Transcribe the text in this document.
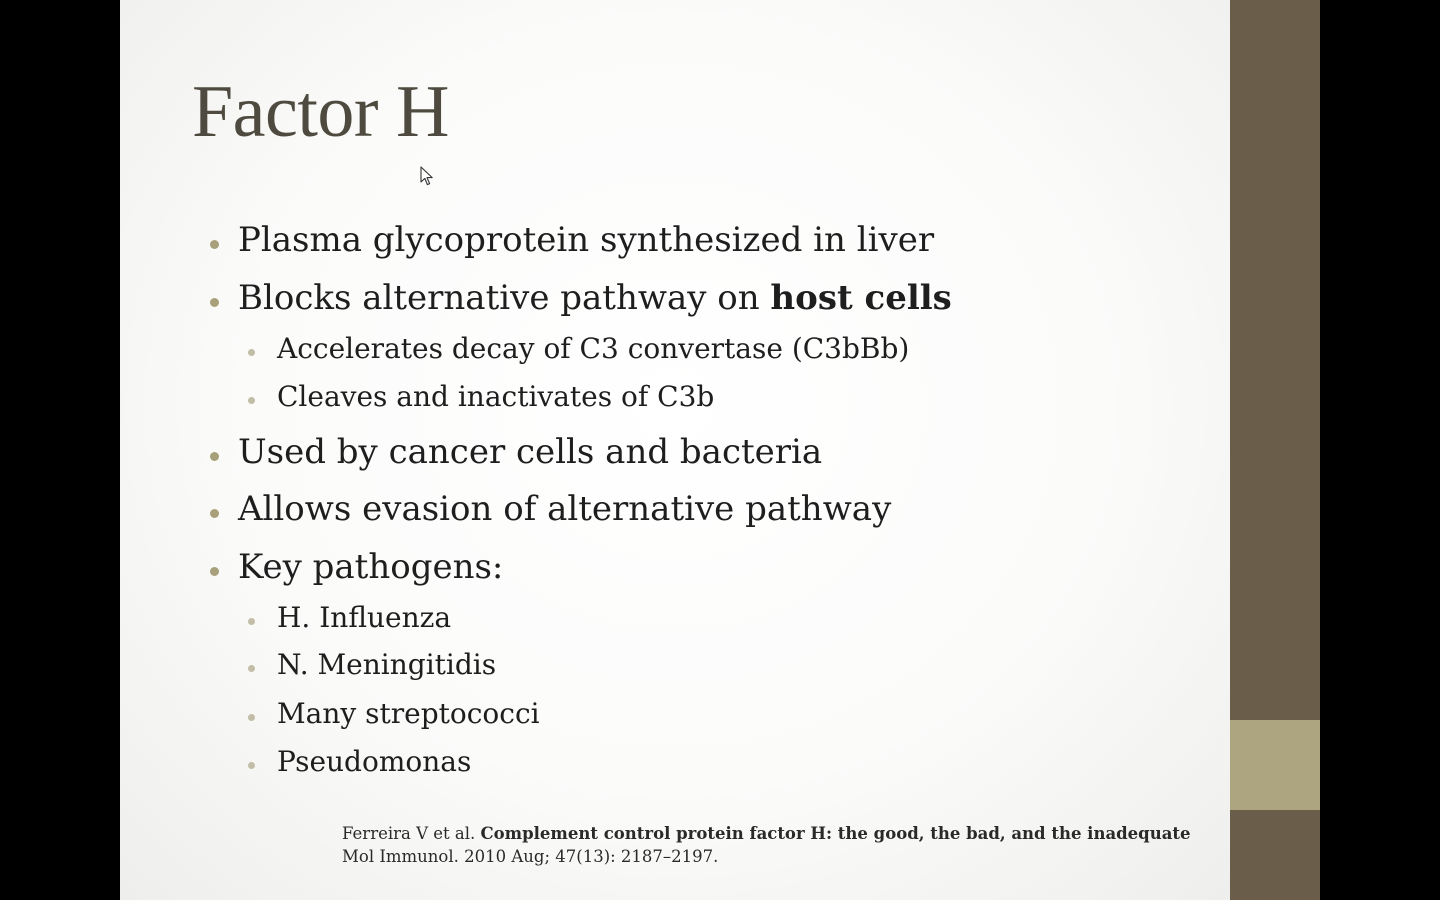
Factor H
Plasma glycoprotein synthesized in liver
Blocks alternative pathway on host cells
Accelerates decay of C3 convertase (C3bBb)
Cleaves and inactivates of C3b
Used by cancer cells and bacteria
Allows evasion of alternative pathway
Key pathogens:
H. Influenza
N. Meningitidis
Many streptococci
Pseudomonas
Ferreira V et al. Complement control protein factor H: the good, the bad, and the inadequate
Mol Immunol. 2010 Aug; 47(13): 2187–2197.
